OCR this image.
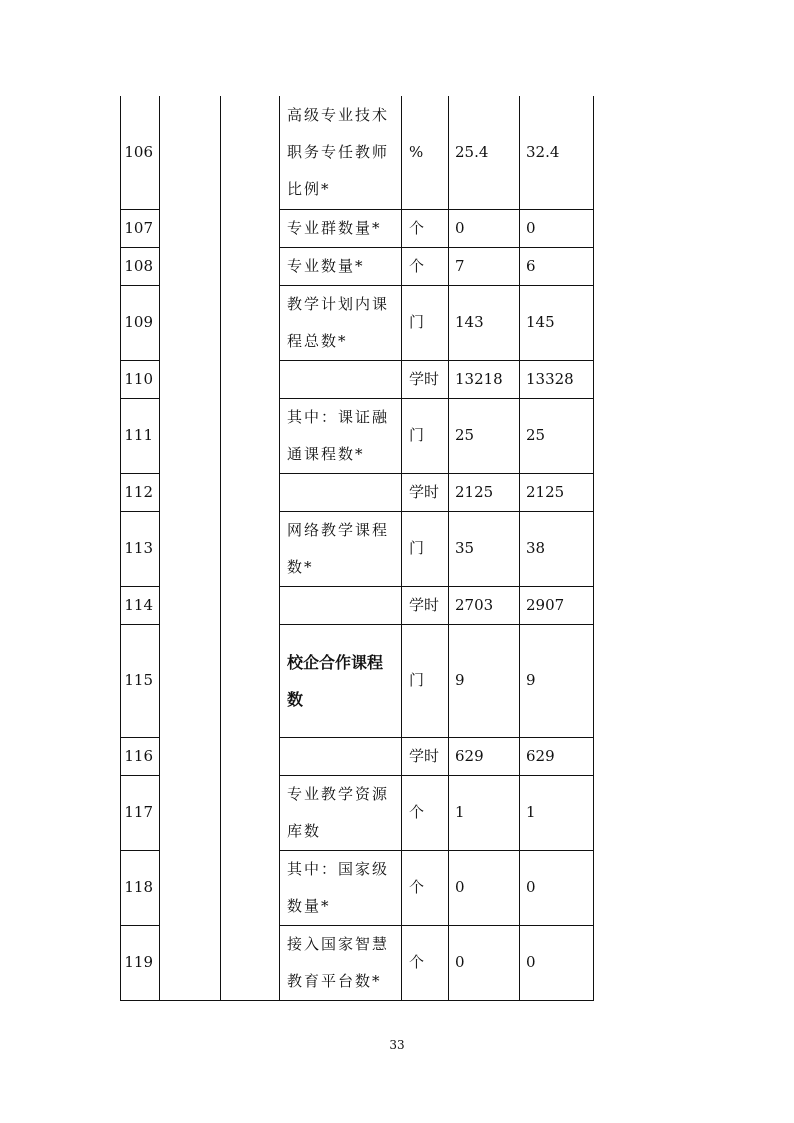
106			高级专业技术职务专任教师比例*	%	25.4	32.4
107			专业群数量*	个	0	0
108			专业数量*	个	7	6
109			教学计划内课程总数*	门	143	145
110				学时	13218	13328
111			其中：课证融通课程数*	门	25	25
112				学时	2125	2125
113			网络教学课程数*	门	35	38
114				学时	2703	2907
115			校企合作课程数	门	9	9
116				学时	629	629
117			专业教学资源库数	个	1	1
118			其中：国家级数量*	个	0	0
119			接入国家智慧教育平台数*	个	0	0
33
